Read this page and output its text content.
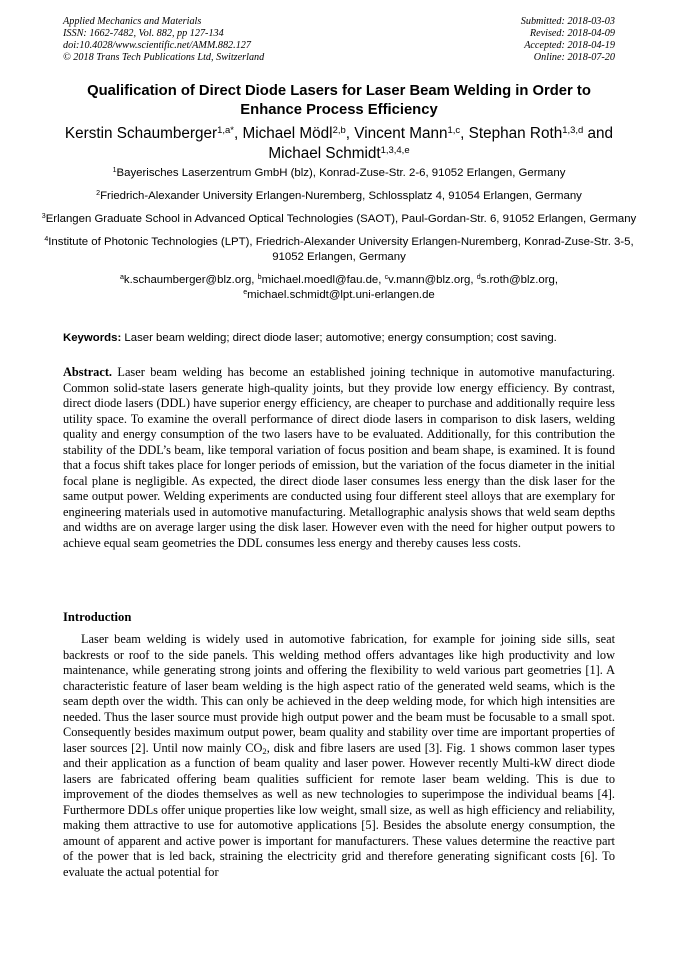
Applied Mechanics and Materials
ISSN: 1662-7482, Vol. 882, pp 127-134
doi:10.4028/www.scientific.net/AMM.882.127
© 2018 Trans Tech Publications Ltd, Switzerland
Submitted: 2018-03-03
Revised: 2018-04-09
Accepted: 2018-04-19
Online: 2018-07-20
Qualification of Direct Diode Lasers for Laser Beam Welding in Order to Enhance Process Efficiency
Kerstin Schaumberger$^{1,a*}$, Michael Mödl$^{2,b}$, Vincent Mann$^{1,c}$, Stephan Roth$^{1,3,d}$ and Michael Schmidt$^{1,3,4,e}$
$^1$Bayerisches Laserzentrum GmbH (blz), Konrad-Zuse-Str. 2-6, 91052 Erlangen, Germany
$^2$Friedrich-Alexander University Erlangen-Nuremberg, Schlossplatz 4, 91054 Erlangen, Germany
$^3$Erlangen Graduate School in Advanced Optical Technologies (SAOT), Paul-Gordan-Str. 6, 91052 Erlangen, Germany
$^4$Institute of Photonic Technologies (LPT), Friedrich-Alexander University Erlangen-Nuremberg, Konrad-Zuse-Str. 3-5, 91052 Erlangen, Germany
$^a$k.schaumberger@blz.org, $^b$michael.moedl@fau.de, $^c$v.mann@blz.org, $^d$s.roth@blz.org,
$^e$michael.schmidt@lpt.uni-erlangen.de
Keywords: Laser beam welding; direct diode laser; automotive; energy consumption; cost saving.
Abstract. Laser beam welding has become an established joining technique in automotive manufacturing. Common solid-state lasers generate high-quality joints, but they provide low energy efficiency. By contrast, direct diode lasers (DDL) have superior energy efficiency, are cheaper to purchase and additionally require less utility space. To examine the overall performance of direct diode lasers in comparison to disk lasers, welding quality and energy consumption of the two lasers have to be evaluated. Additionally, for this contribution the stability of the DDL’s beam, like temporal variation of focus position and beam shape, is examined. It is found that a focus shift takes place for longer periods of emission, but the variation of the focus diameter in the initial focal plane is negligible. As expected, the direct diode laser consumes less energy than the disk laser for the same output power. Welding experiments are conducted using four different steel alloys that are exemplary for engineering materials used in automotive manufacturing. Metallographic analysis shows that weld seam depths and widths are on average larger using the disk laser. However even with the need for higher output powers to achieve equal seam geometries the DDL consumes less energy and thereby causes less costs.
Introduction
Laser beam welding is widely used in automotive fabrication, for example for joining side sills, seat backrests or roof to the side panels. This welding method offers advantages like high productivity and low maintenance, while generating strong joints and offering the flexibility to weld various part geometries [1]. A characteristic feature of laser beam welding is the high aspect ratio of the generated weld seams, which is the seam depth over the width. This can only be achieved in the deep welding mode, for which high intensities are needed. Thus the laser source must provide high output power and the beam must be focusable to a small spot. Consequently besides maximum output power, beam quality and stability over time are important properties of laser sources [2]. Until now mainly $CO_2$, disk and fibre lasers are used [3]. Fig. 1 shows common laser types and their application as a function of beam quality and laser power. However recently Multi-kW direct diode lasers are fabricated offering beam qualities sufficient for remote laser beam welding. This is due to improvement of the diodes themselves as well as new technologies to superimpose the individual beams [4]. Furthermore DDLs offer unique properties like low weight, small size, as well as high efficiency and reliability, making them attractive to use for automotive applications [5]. Besides the absolute energy consumption, the amount of apparent and active power is important for manufacturers. These values determine the reactive part of the power that is led back, straining the electricity grid and therefore generating significant costs [6]. To evaluate the actual potential for
